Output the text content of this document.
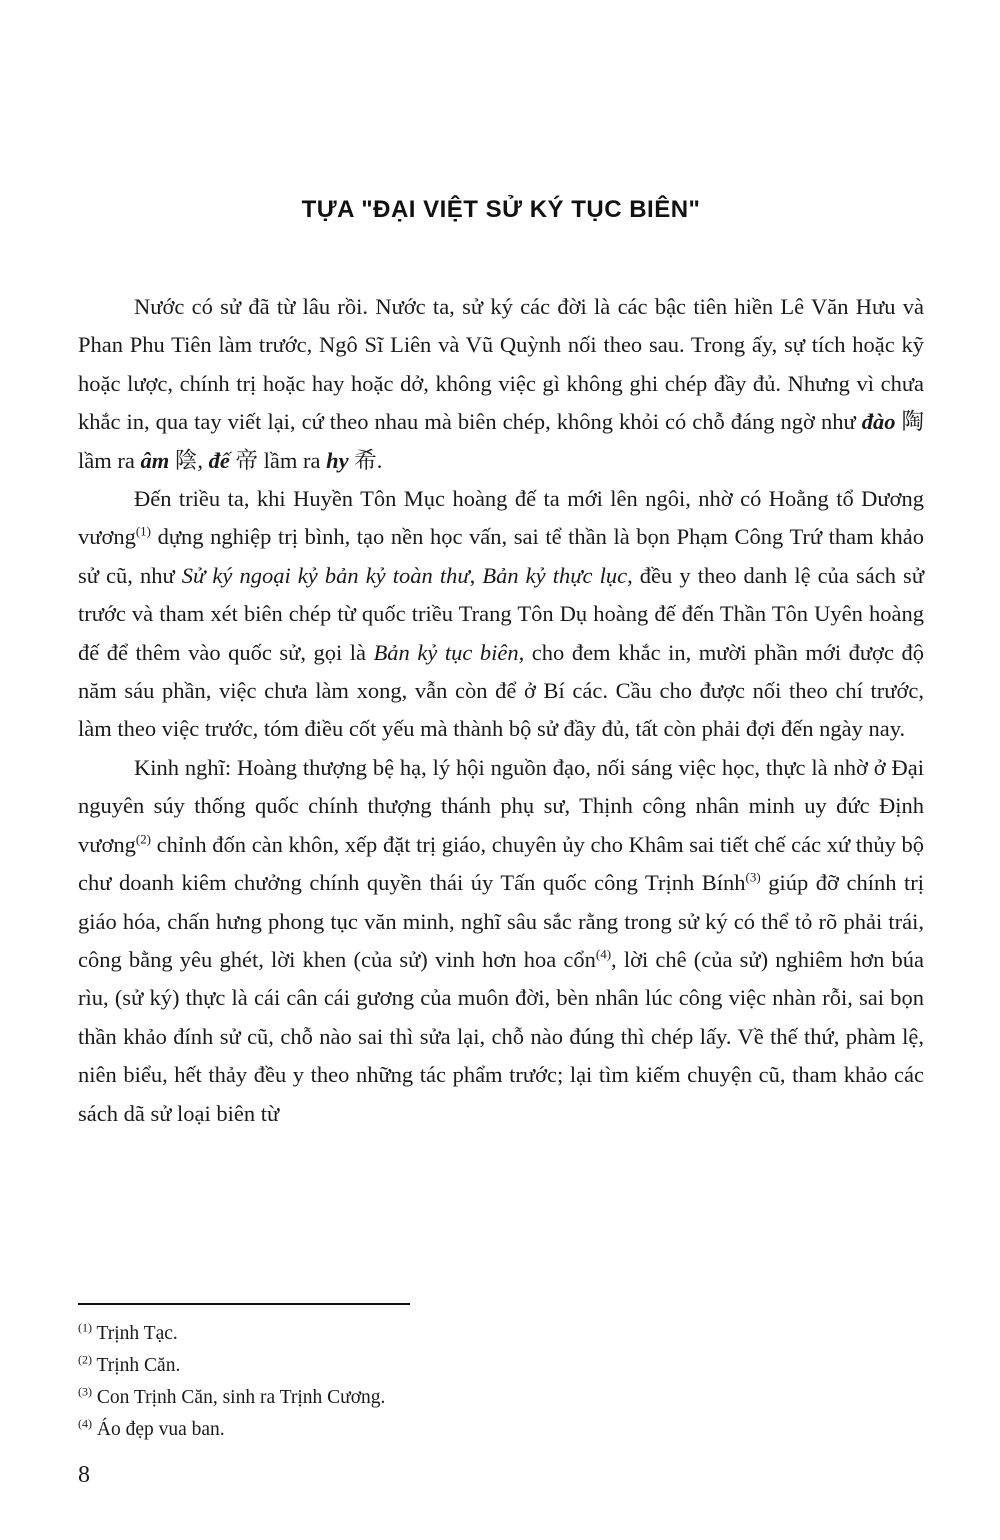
TỰA "ĐẠI VIỆT SỬ KÝ TỤC BIÊN"

Nước có sử đã từ lâu rồi. Nước ta, sử ký các đời là các bậc tiên hiền Lê Văn Hưu và Phan Phu Tiên làm trước, Ngô Sĩ Liên và Vũ Quỳnh nối theo sau. Trong ấy, sự tích hoặc kỹ hoặc lược, chính trị hoặc hay hoặc dở, không việc gì không ghi chép đầy đủ. Nhưng vì chưa khắc in, qua tay viết lại, cứ theo nhau mà biên chép, không khỏi có chỗ đáng ngờ như đào 陶 lầm ra âm 陰, đế 帝 lầm ra hy 希.

Đến triều ta, khi Huyền Tôn Mục hoàng đế ta mới lên ngôi, nhờ có Hoằng tổ Dương vương$^{(1)}$ dựng nghiệp trị bình, tạo nền học vấn, sai tể thần là bọn Phạm Công Trứ tham khảo sử cũ, như Sử ký ngoại kỷ bản kỷ toàn thư, Bản kỷ thực lục, đều y theo danh lệ của sách sử trước và tham xét biên chép từ quốc triều Trang Tôn Dụ hoàng đế đến Thần Tôn Uyên hoàng đế để thêm vào quốc sử, gọi là Bản kỷ tục biên, cho đem khắc in, mười phần mới được độ năm sáu phần, việc chưa làm xong, vẫn còn để ở Bí các. Cầu cho được nối theo chí trước, làm theo việc trước, tóm điều cốt yếu mà thành bộ sử đầy đủ, tất còn phải đợi đến ngày nay.

Kinh nghĩ: Hoàng thượng bệ hạ, lý hội nguồn đạo, nối sáng việc học, thực là nhờ ở Đại nguyên súy thống quốc chính thượng thánh phụ sư, Thịnh công nhân minh uy đức Định vương$^{(2)}$ chỉnh đốn càn khôn, xếp đặt trị giáo, chuyên ủy cho Khâm sai tiết chế các xứ thủy bộ chư doanh kiêm chưởng chính quyền thái úy Tấn quốc công Trịnh Bính$^{(3)}$ giúp đỡ chính trị giáo hóa, chấn hưng phong tục văn minh, nghĩ sâu sắc rằng trong sử ký có thể tỏ rõ phải trái, công bằng yêu ghét, lời khen (của sử) vinh hơn hoa cổn$^{(4)}$, lời chê (của sử) nghiêm hơn búa rìu, (sử ký) thực là cái cân cái gương của muôn đời, bèn nhân lúc công việc nhàn rỗi, sai bọn thần khảo đính sử cũ, chỗ nào sai thì sửa lại, chỗ nào đúng thì chép lấy. Về thế thứ, phàm lệ, niên biểu, hết thảy đều y theo những tác phẩm trước; lại tìm kiếm chuyện cũ, tham khảo các sách dã sử loại biên từ

$^{(1)}$ Trịnh Tạc.
$^{(2)}$ Trịnh Căn.
$^{(3)}$ Con Trịnh Căn, sinh ra Trịnh Cương.
$^{(4)}$ Áo đẹp vua ban.
8
